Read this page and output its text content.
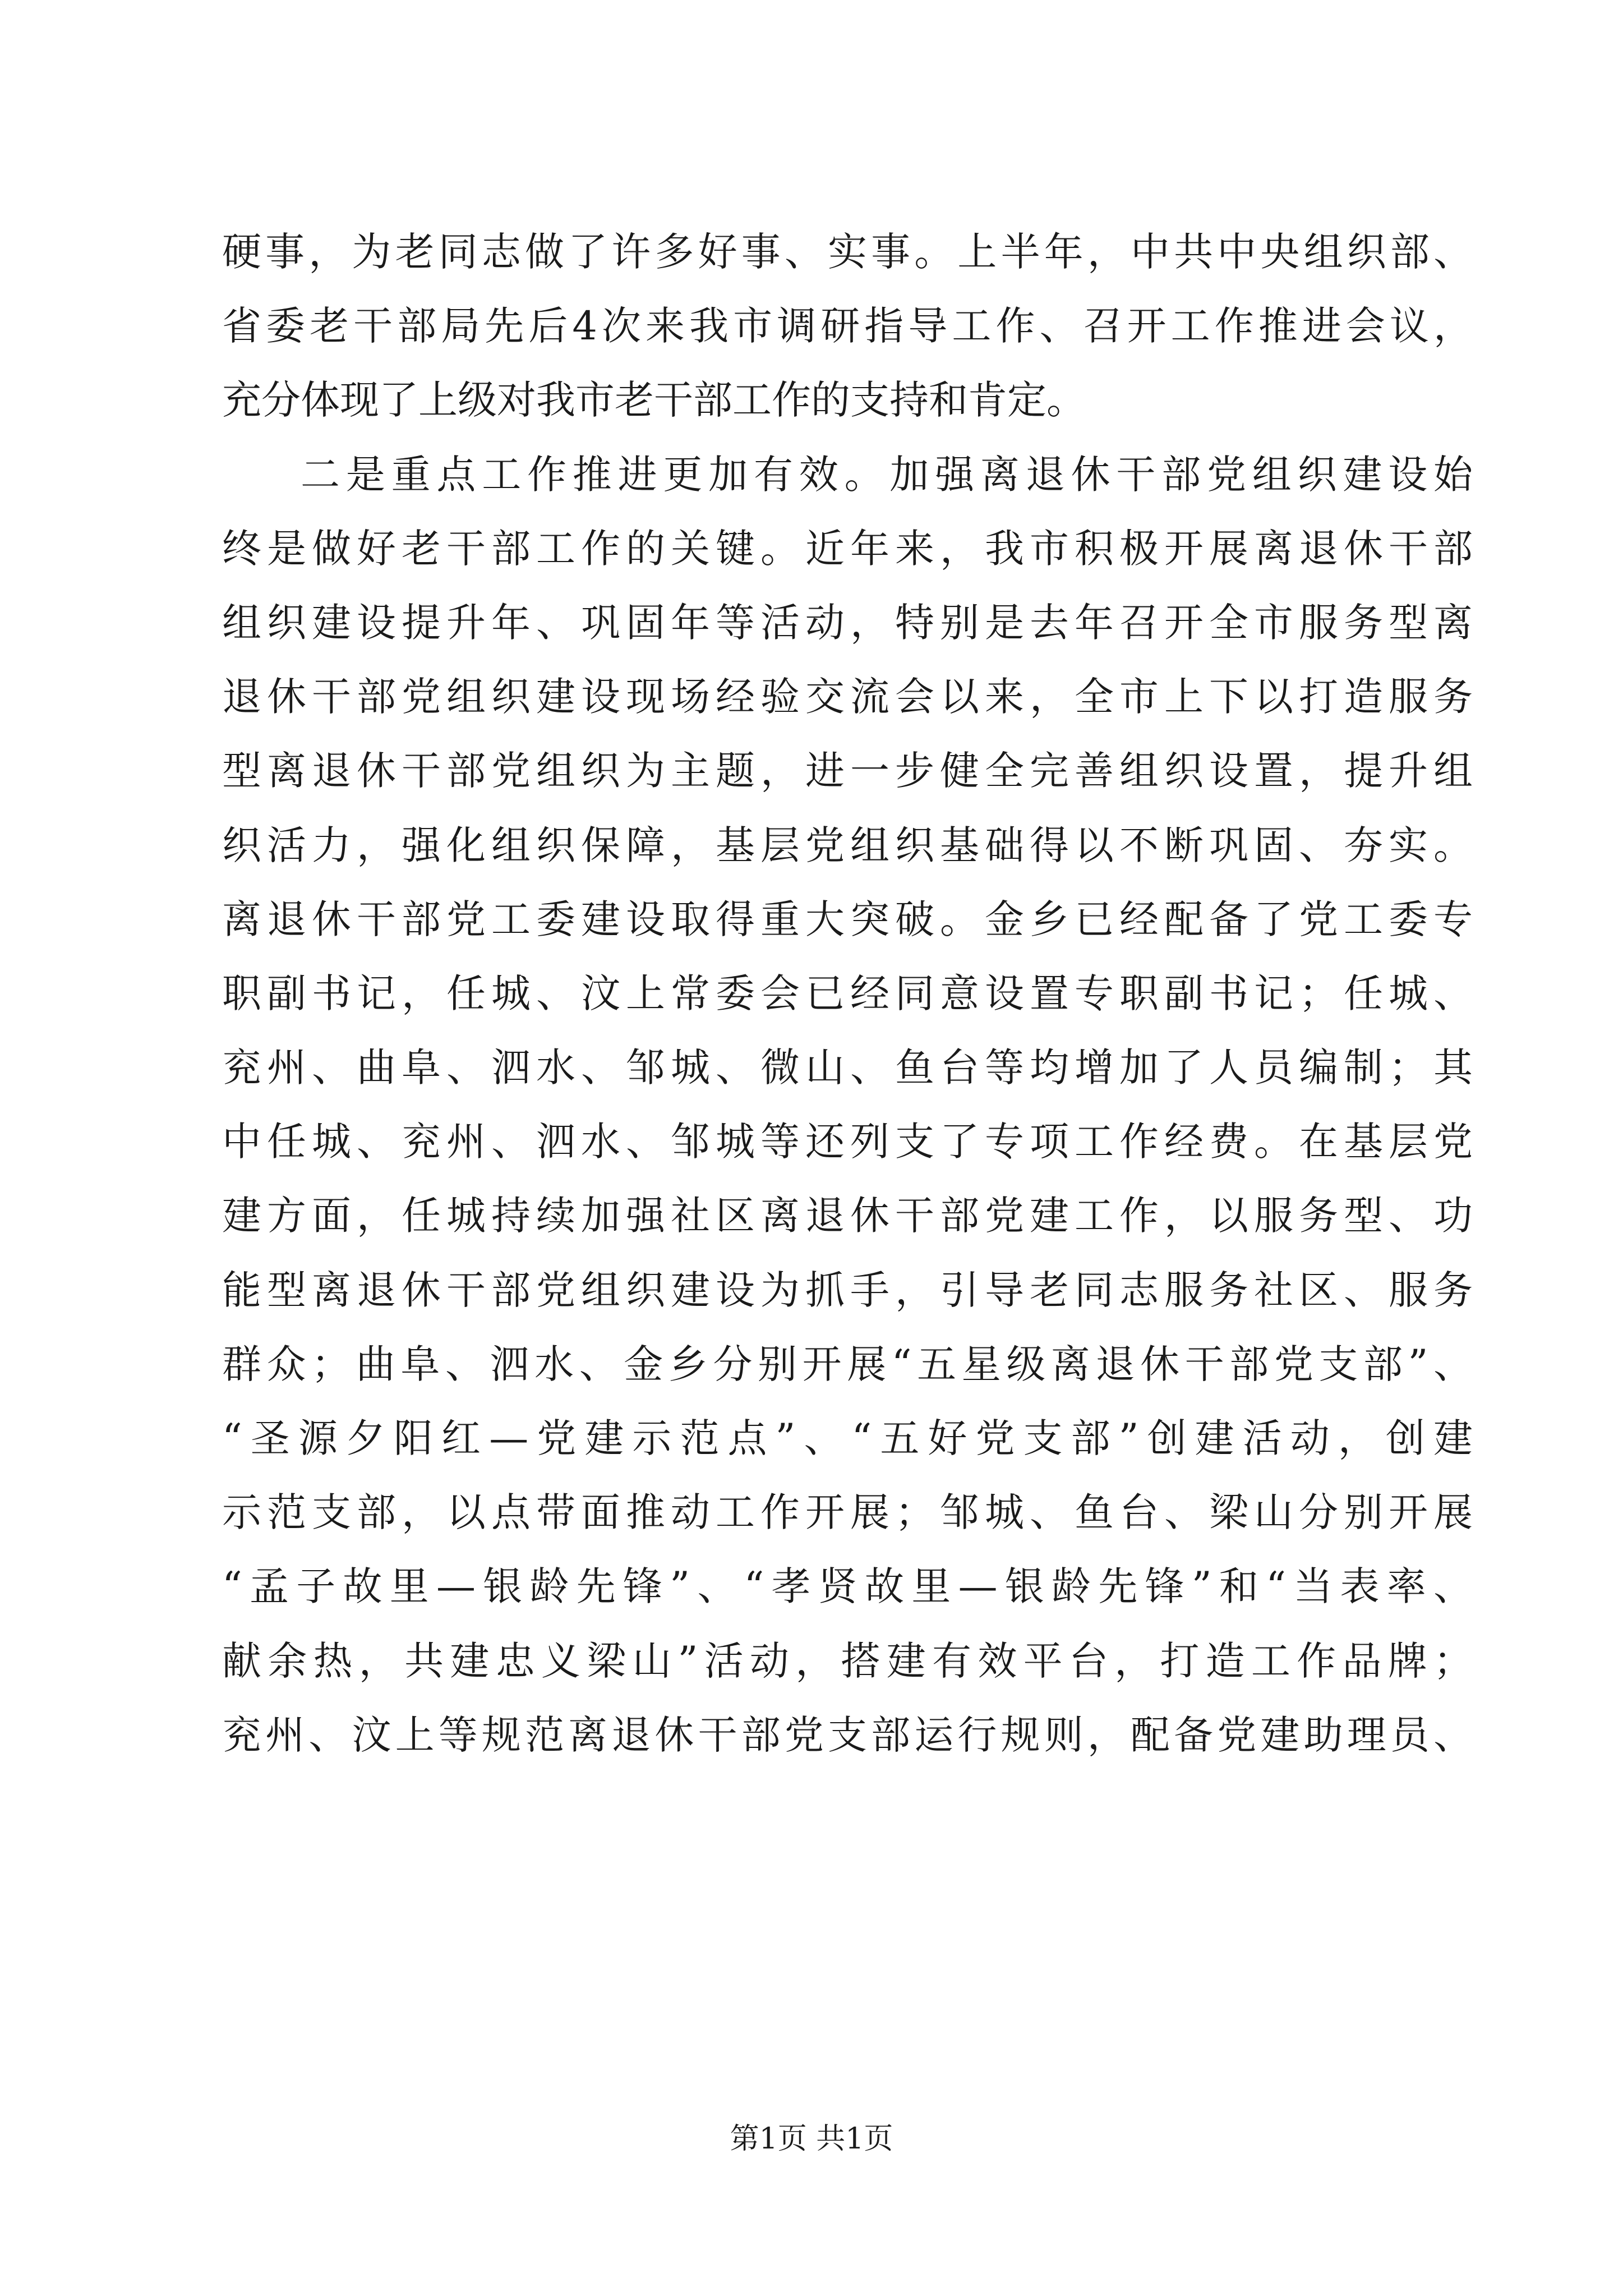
硬事，为老同志做了许多好事、实事。上半年，中共中央组织部、
省委老干部局先后4次来我市调研指导工作、召开工作推进会议，
充分体现了上级对我市老干部工作的支持和肯定。
二是重点工作推进更加有效。加强离退休干部党组织建设始
终是做好老干部工作的关键。近年来，我市积极开展离退休干部
组织建设提升年、巩固年等活动，特别是去年召开全市服务型离
退休干部党组织建设现场经验交流会以来，全市上下以打造服务
型离退休干部党组织为主题，进一步健全完善组织设置，提升组
织活力，强化组织保障，基层党组织基础得以不断巩固、夯实。
离退休干部党工委建设取得重大突破。金乡已经配备了党工委专
职副书记，任城、汶上常委会已经同意设置专职副书记；任城、
兖州、曲阜、泗水、邹城、微山、鱼台等均增加了人员编制；其
中任城、兖州、泗水、邹城等还列支了专项工作经费。在基层党
建方面，任城持续加强社区离退休干部党建工作，以服务型、功
能型离退休干部党组织建设为抓手，引导老同志服务社区、服务
群众；曲阜、泗水、金乡分别开展“五星级离退休干部党支部”、
“圣源夕阳红—党建示范点”、“五好党支部”创建活动，创建
示范支部，以点带面推动工作开展；邹城、鱼台、梁山分别开展
“孟子故里—银龄先锋”、“孝贤故里—银龄先锋”和“当表率、
献余热，共建忠义梁山”活动，搭建有效平台，打造工作品牌；
兖州、汶上等规范离退休干部党支部运行规则，配备党建助理员、
第1页 共1页
